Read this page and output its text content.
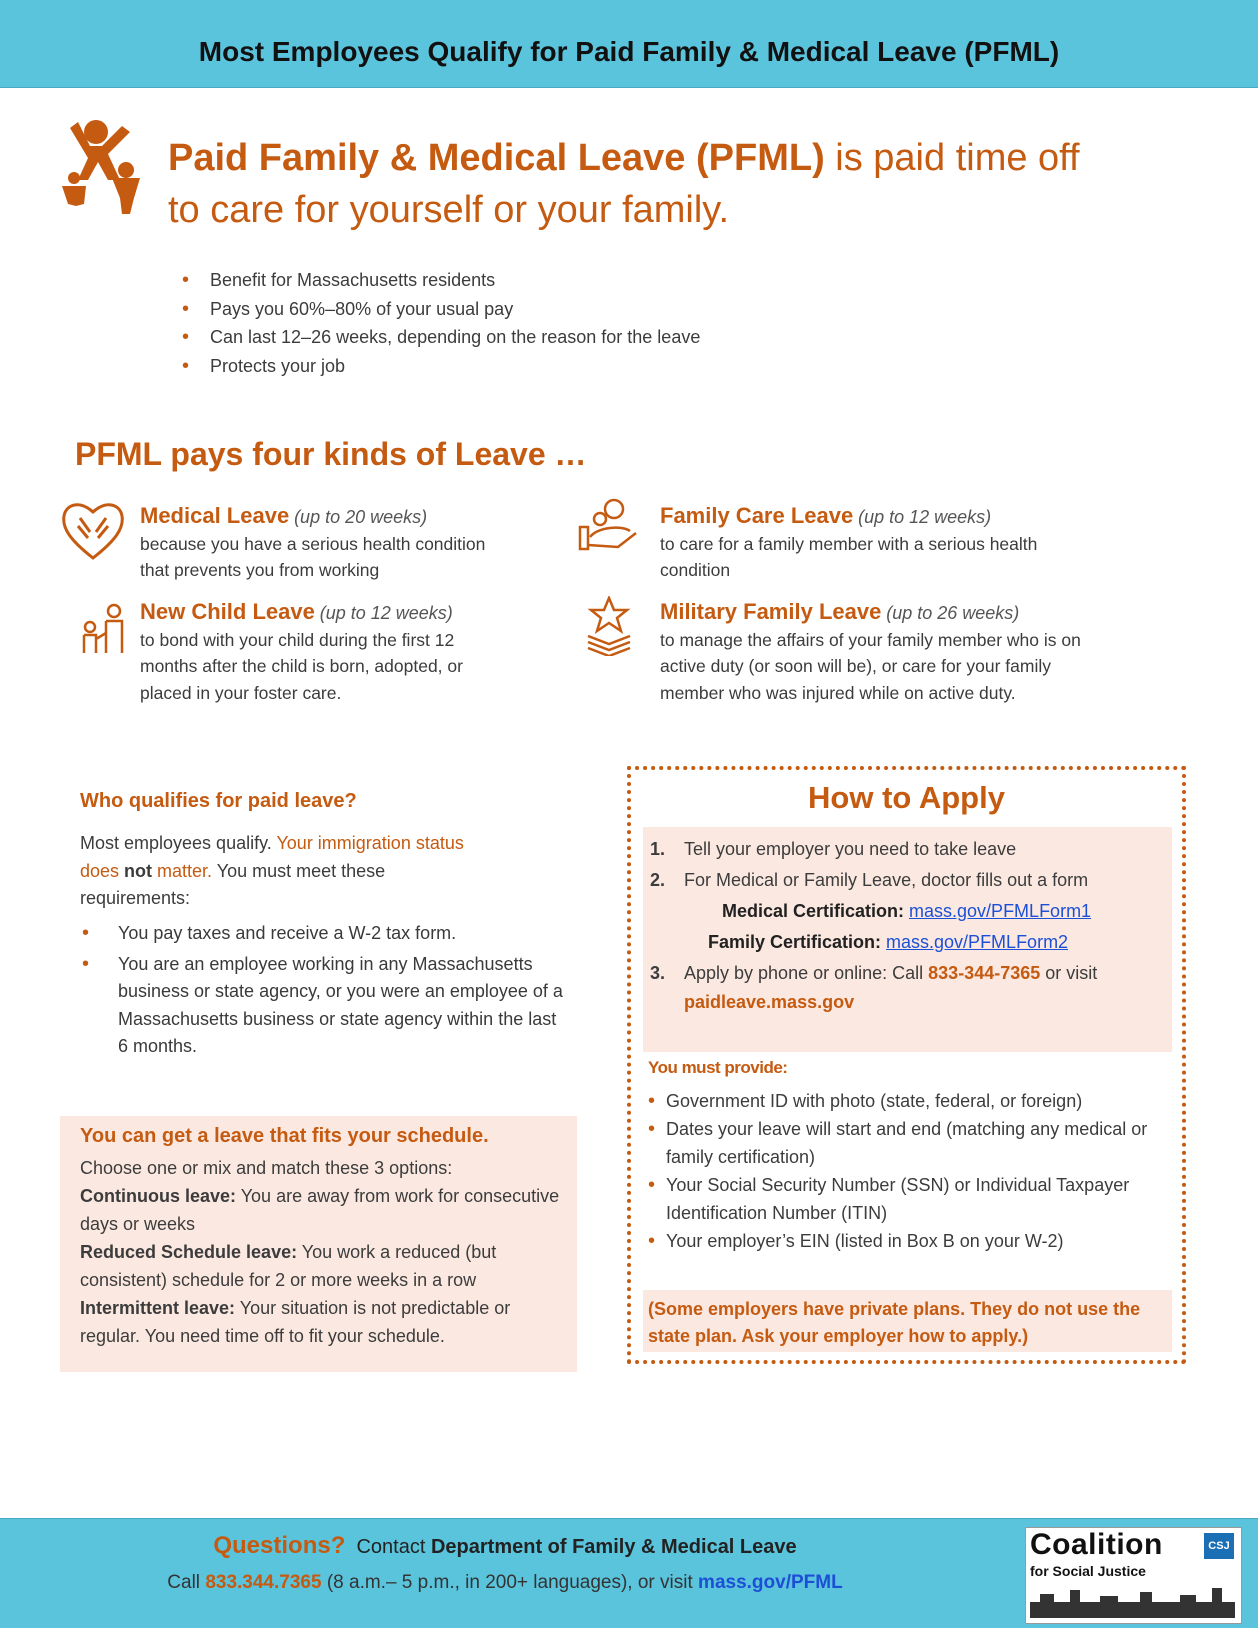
Most Employees Qualify for Paid Family & Medical Leave (PFML)
Paid Family & Medical Leave (PFML) is paid time off
to care for yourself or your family.
• Benefit for Massachusetts residents
• Pays you 60%–80% of your usual pay
• Can last 12–26 weeks, depending on the reason for the leave
• Protects your job
PFML pays four kinds of Leave …
Medical Leave (up to 20 weeks)
because you have a serious health condition
that prevents you from working
Family Care Leave (up to 12 weeks)
to care for a family member with a serious health
condition
New Child Leave (up to 12 weeks)
to bond with your child during the first 12
months after the child is born, adopted, or
placed in your foster care.
Military Family Leave (up to 26 weeks)
to manage the affairs of your family member who is on
active duty (or soon will be), or care for your family
member who was injured while on active duty.
Who qualifies for paid leave?
Most employees qualify. Your immigration status
does not matter. You must meet these
requirements:
• You pay taxes and receive a W-2 tax form.
• You are an employee working in any Massachusetts business or state agency, or you were an employee of a Massachusetts business or state agency within the last 6 months.
You can get a leave that fits your schedule.
Choose one or mix and match these 3 options:
Continuous leave: You are away from work for consecutive days or weeks
Reduced Schedule leave: You work a reduced (but consistent) schedule for 2 or more weeks in a row
Intermittent leave: Your situation is not predictable or regular. You need time off to fit your schedule.
How to Apply
1. Tell your employer you need to take leave
2. For Medical or Family Leave, doctor fills out a form
Medical Certification: mass.gov/PFMLForm1
Family Certification: mass.gov/PFMLForm2
3. Apply by phone or online: Call 833-344-7365 or visit
paidleave.mass.gov
You must provide:
• Government ID with photo (state, federal, or foreign)
• Dates your leave will start and end (matching any medical or family certification)
• Your Social Security Number (SSN) or Individual Taxpayer Identification Number (ITIN)
• Your employer’s EIN (listed in Box B on your W-2)
(Some employers have private plans. They do not use the state plan. Ask your employer how to apply.)
Questions? Contact Department of Family & Medical Leave
Call 833.344.7365 (8 a.m.– 5 p.m., in 200+ languages), or visit mass.gov/PFML
Coalition
for Social Justice
CSJ
